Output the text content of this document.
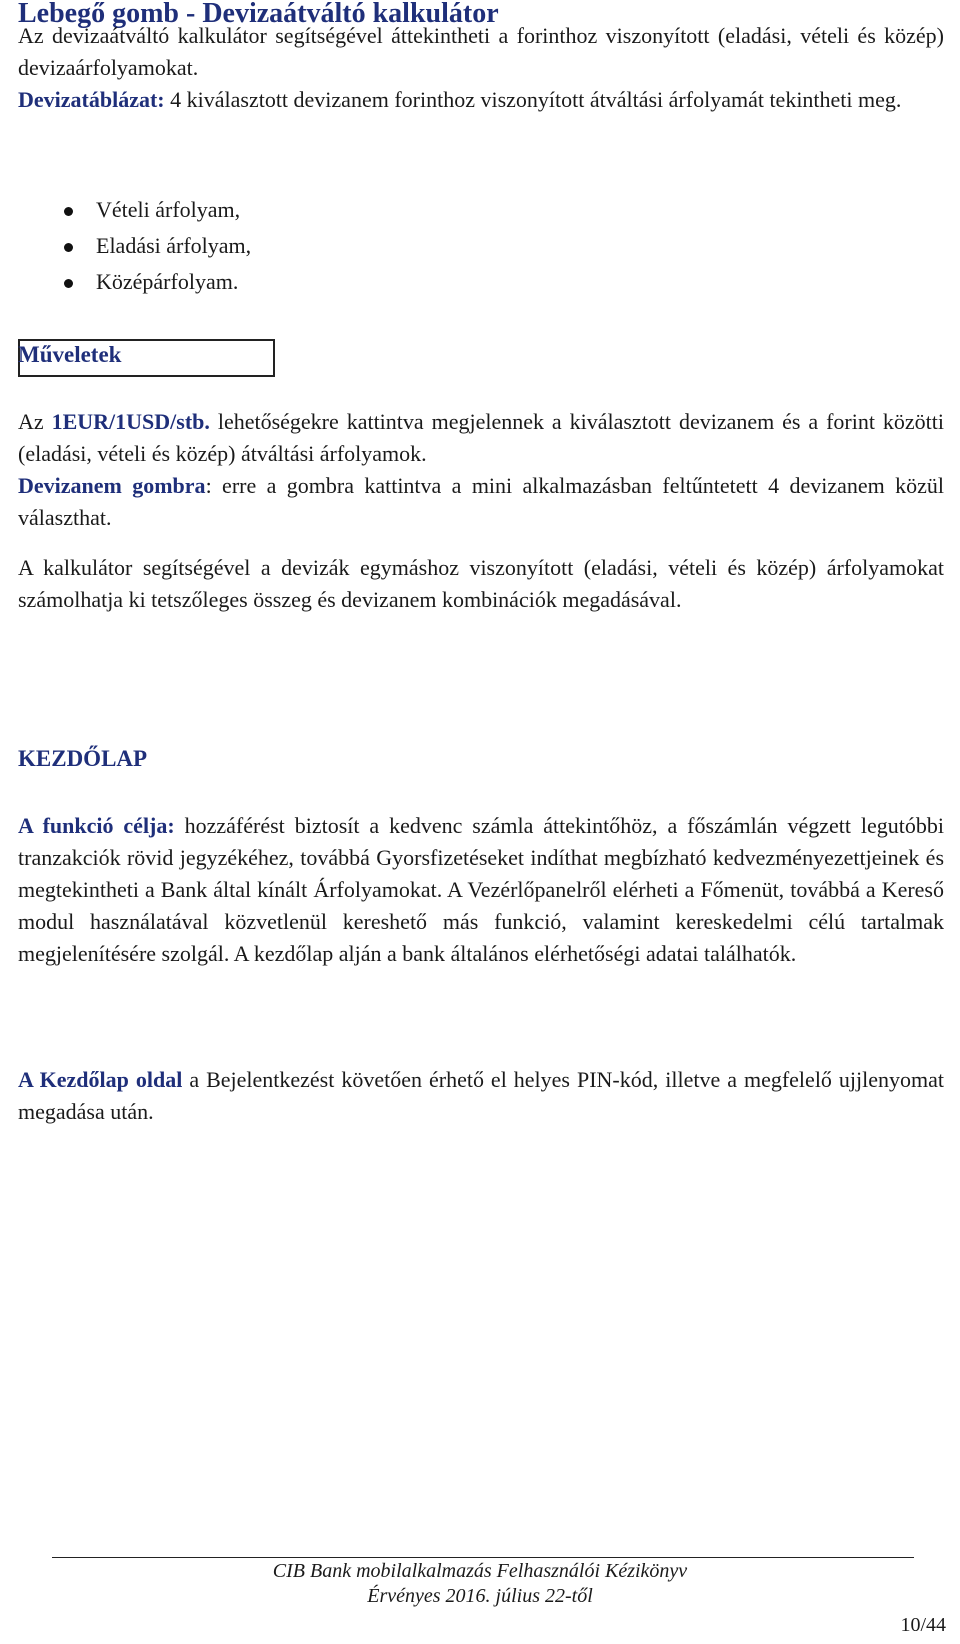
Lebegő gomb - Devizaátváltó kalkulátor

Az devizaátváltó kalkulátor segítségével áttekintheti a forinthoz viszonyított (eladási, vételi és közép) devizaárfolyamokat.
Devizatáblázat: 4 kiválasztott devizanem forinthoz viszonyított átváltási árfolyamát tekintheti meg.

Vételi árfolyam,
Eladási árfolyam,
Középárfolyam.
Műveletek

Az 1EUR/1USD/stb. lehetőségekre kattintva megjelennek a kiválasztott devizanem és a forint közötti (eladási, vételi és közép) átváltási árfolyamok.

Devizanem gombra: erre a gombra kattintva a mini alkalmazásban feltűntetett 4 devizanem közül választhat.

A kalkulátor segítségével a devizák egymáshoz viszonyított (eladási, vételi és közép) árfolyamokat számolhatja ki tetszőleges összeg és devizanem kombinációk megadásával.

KEZDŐLAP

A funkció célja: hozzáférést biztosít a kedvenc számla áttekintőhöz, a főszámlán végzett legutóbbi tranzakciók rövid jegyzékéhez, továbbá Gyorsfizetéseket indíthat megbízható kedvezményezettjeinek és megtekintheti a Bank által kínált Árfolyamokat. A Vezérlőpanelről elérheti a Főmenüt, továbbá a Kereső modul használatával közvetlenül kereshető más funkció, valamint kereskedelmi célú tartalmak megjelenítésére szolgál. A kezdőlap alján a bank általános elérhetőségi adatai találhatók.

A Kezdőlap oldal a Bejelentkezést követően érhető el helyes PIN-kód, illetve a megfelelő ujjlenyomat megadása után.

CIB Bank mobilalkalmazás Felhasználói Kézikönyv
Érvényes 2016. július 22-től
10/44
